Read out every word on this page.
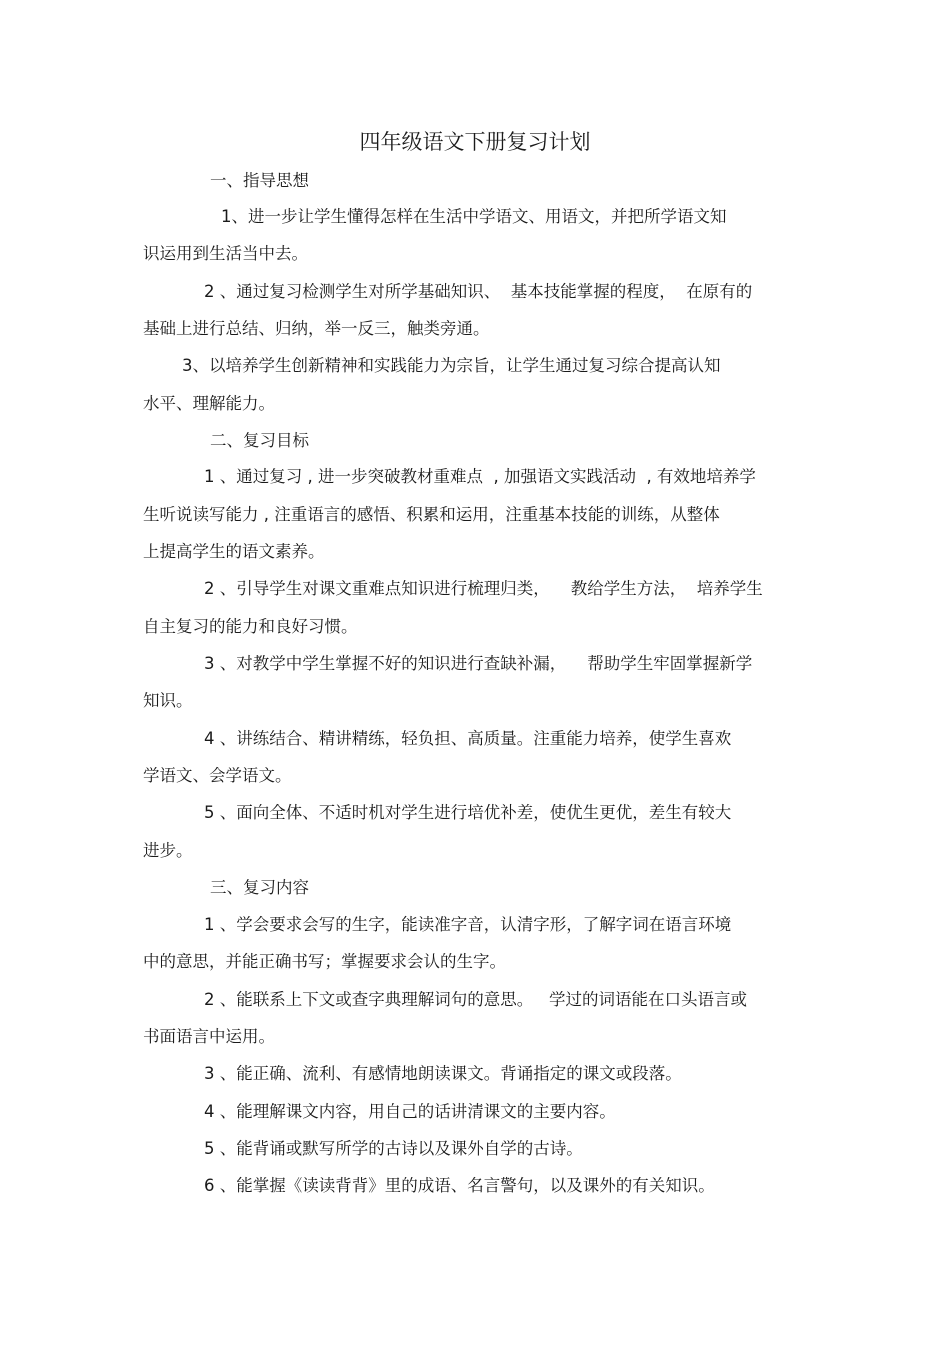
四年级语文下册复习计划
一、指导思想
1、进一步让学生懂得怎样在生活中学语文、用语文，并把所学语文知
识运用到生活当中去。
2 、通过复习检测学生对所学基础知识、  基本技能掌握的程度，  在原有的
基础上进行总结、归纳，举一反三，触类旁通。
3、以培养学生创新精神和实践能力为宗旨，让学生通过复习综合提高认知
水平、理解能力。
二、复习目标
1 、通过复习 , 进一步突破教材重难点  , 加强语文实践活动  , 有效地培养学
生听说读写能力 , 注重语言的感悟、积累和运用，注重基本技能的训练，从整体
上提高学生的语文素养。
2 、引导学生对课文重难点知识进行梳理归类，    教给学生方法，  培养学生
自主复习的能力和良好习惯。
3 、对教学中学生掌握不好的知识进行查缺补漏，    帮助学生牢固掌握新学
知识。
4 、讲练结合、精讲精练，轻负担、高质量。注重能力培养，使学生喜欢
学语文、会学语文。
5 、面向全体、不适时机对学生进行培优补差，使优生更优，差生有较大
进步。
三、复习内容
1 、学会要求会写的生字，能读准字音，认清字形，了解字词在语言环境
中的意思，并能正确书写；掌握要求会认的生字。
2 、能联系上下文或查字典理解词句的意思。   学过的词语能在口头语言或
书面语言中运用。
3 、能正确、流利、有感情地朗读课文。背诵指定的课文或段落。
4 、能理解课文内容，用自己的话讲清课文的主要内容。
5 、能背诵或默写所学的古诗以及课外自学的古诗。
6 、能掌握《读读背背》里的成语、名言警句，以及课外的有关知识。
